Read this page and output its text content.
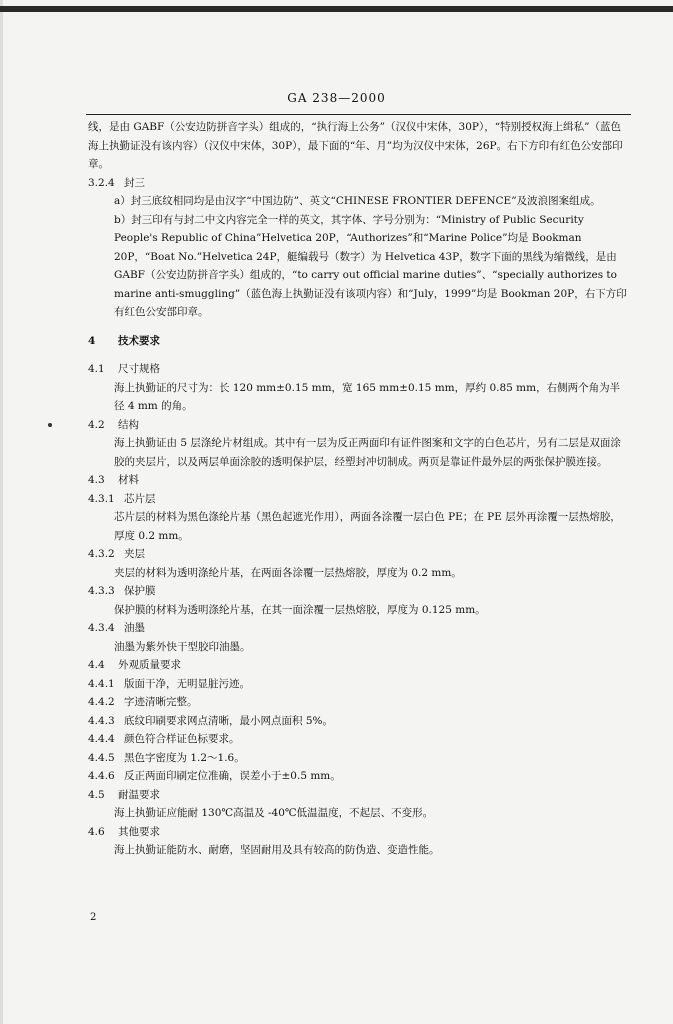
GA 238—2000

线，是由 GABF（公安边防拼音字头）组成的，“执行海上公务”（汉仪中宋体，30P），“特别授权海上缉私”（蓝色海上执勤证没有该内容）（汉仪中宋体，30P），最下面的“年、月”均为汉仪中宋体，26P。右下方印有红色公安部印章。

3.2.4 封三

a）封三底纹相同均是由汉字“中国边防”、英文“CHINESE FRONTIER DEFENCE”及波浪图案组成。

b）封三印有与封二中文内容完全一样的英文，其字体、字号分别为：“Ministry of Public Security People's Republic of China”Helvetica 20P，“Authorizes”和“Marine Police”均是 Bookman 20P，“Boat No.”Helvetica 24P，艇编载号（数字）为 Helvetica 43P，数字下面的黑线为缩微线，是由 GABF（公安边防拼音字头）组成的，“to carry out official marine duties”、“specially authorizes to marine anti-smuggling”（蓝色海上执勤证没有该项内容）和“July，1999”均是 Bookman 20P，右下方印有红色公安部印章。

4 技术要求

4.1 尺寸规格

海上执勤证的尺寸为：长 120 mm±0.15 mm，宽 165 mm±0.15 mm，厚约 0.85 mm，右侧两个角为半径 4 mm 的角。

4.2 结构

海上执勤证由 5 层涤纶片材组成。其中有一层为反正两面印有证件图案和文字的白色芯片，另有二层是双面涂胶的夹层片，以及两层单面涂胶的透明保护层，经塑封冲切制成。两页是靠证件最外层的两张保护膜连接。

4.3 材料

4.3.1 芯片层

芯片层的材料为黑色涤纶片基（黑色起遮光作用），两面各涂覆一层白色 PE；在 PE 层外再涂覆一层热熔胶，厚度 0.2 mm。

4.3.2 夹层

夹层的材料为透明涤纶片基，在两面各涂覆一层热熔胶，厚度为 0.2 mm。

4.3.3 保护膜

保护膜的材料为透明涤纶片基，在其一面涂覆一层热熔胶，厚度为 0.125 mm。

4.3.4 油墨

油墨为紫外快干型胶印油墨。

4.4 外观质量要求

4.4.1 版面干净，无明显脏污迹。

4.4.2 字迹清晰完整。

4.4.3 底纹印刷要求网点清晰，最小网点面积 5%。

4.4.4 颜色符合样证色标要求。

4.4.5 黑色字密度为 1.2～1.6。

4.4.6 反正两面印刷定位准确，误差小于±0.5 mm。

4.5 耐温要求

海上执勤证应能耐 130℃高温及 -40℃低温温度，不起层、不变形。

4.6 其他要求

海上执勤证能防水、耐磨，坚固耐用及具有较高的防伪造、变造性能。

2
